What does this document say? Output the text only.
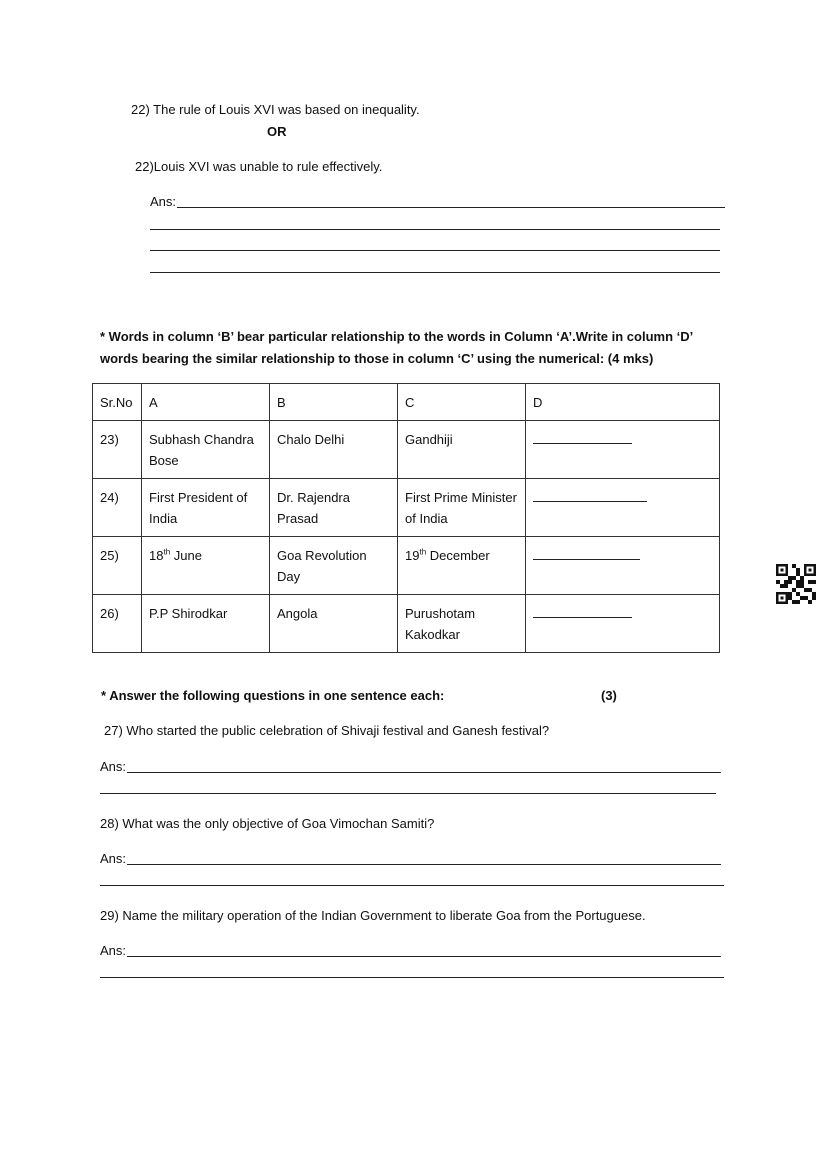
22) The rule of Louis XVI was based on inequality.
OR
22)Louis XVI was unable to rule effectively.
Ans:
* Words in column ‘B’ bear particular relationship to the words in Column ‘A’.Write in column ‘D’
words bearing the similar relationship to those in column ‘C’ using the numerical: (4 mks)
Sr.No	A	B	C	D
23)	Subhash Chandra Bose	Chalo Delhi	Gandhiji	
24)	First President of India	Dr. Rajendra Prasad	First Prime Minister of India	
25)	18th June	Goa Revolution Day	19th December	
26)	P.P Shirodkar	Angola	Purushotam Kakodkar	
* Answer the following questions in one sentence each:	(3)
27) Who started the public celebration of Shivaji festival and Ganesh festival?
Ans:
28) What was the only objective of Goa Vimochan Samiti?
Ans:
29) Name the military operation of the Indian Government to liberate Goa from the Portuguese.
Ans:
